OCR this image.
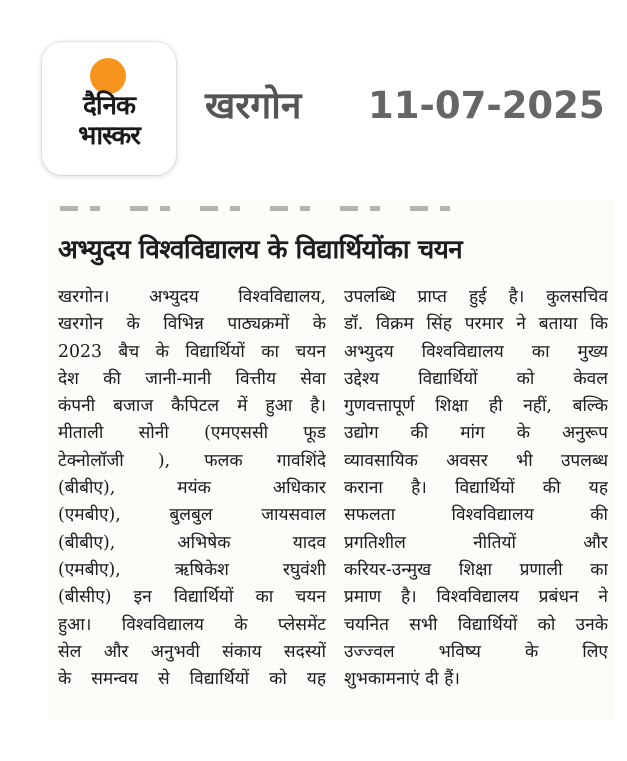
दैनिक
भास्कर
खरगोन 11-07-2025
अभ्युदय विश्वविद्यालय के विद्यार्थियोंका चयन
खरगोन। अभ्युदय विश्वविद्यालय,
खरगोन के विभिन्न पाठ्यक्रमों के
2023 बैच के विद्यार्थियों का चयन
देश की जानी-मानी वित्तीय सेवा
कंपनी बजाज कैपिटल में हुआ है।
मीताली सोनी (एमएससी फूड
टेक्नोलॉजी ), फलक गावशिंदे
(बीबीए), मयंक अधिकार
(एमबीए), बुलबुल जायसवाल
(बीबीए), अभिषेक यादव
(एमबीए), ऋषिकेश रघुवंशी
(बीसीए) इन विद्यार्थियों का चयन
हुआ। विश्वविद्यालय के प्लेसमेंट
सेल और अनुभवी संकाय सदस्यों
के समन्वय से विद्यार्थियों को यह
उपलब्धि प्राप्त हुई है। कुलसचिव
डॉ. विक्रम सिंह परमार ने बताया कि
अभ्युदय विश्वविद्यालय का मुख्य
उद्देश्य विद्यार्थियों को केवल
गुणवत्तापूर्ण शिक्षा ही नहीं, बल्कि
उद्योग की मांग के अनुरूप
व्यावसायिक अवसर भी उपलब्ध
कराना है। विद्यार्थियों की यह
सफलता विश्वविद्यालय की
प्रगतिशील नीतियों और
करियर-उन्मुख शिक्षा प्रणाली का
प्रमाण है। विश्वविद्यालय प्रबंधन ने
चयनित सभी विद्यार्थियों को उनके
उज्ज्वल भविष्य के लिए
शुभकामनाएं दी हैं।
